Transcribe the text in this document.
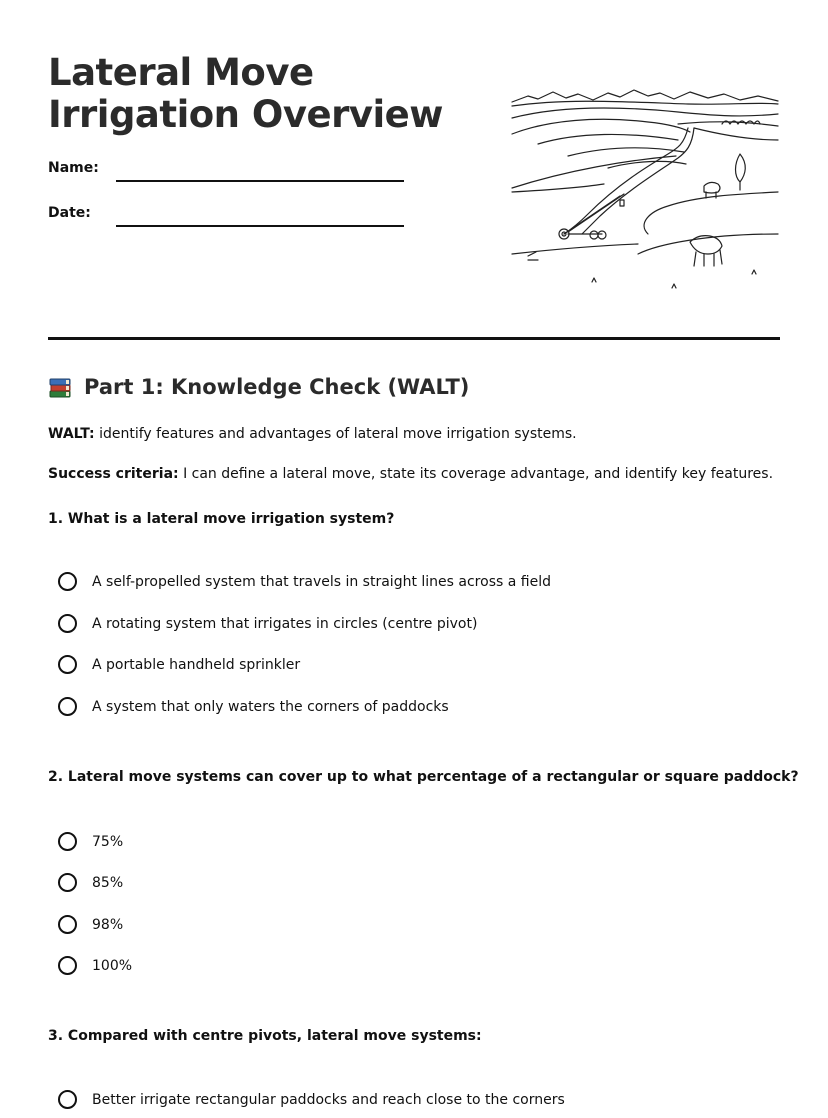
Lateral Move Irrigation Overview
Name:
Date:
Part 1: Knowledge Check (WALT)

WALT: identify features and advantages of lateral move irrigation systems.

Success criteria: I can define a lateral move, state its coverage advantage, and identify key features.

1. What is a lateral move irrigation system?

A self-propelled system that travels in straight lines across a field
A rotating system that irrigates in circles (centre pivot)
A portable handheld sprinkler
A system that only waters the corners of paddocks

2. Lateral move systems can cover up to what percentage of a rectangular or square paddock?

75%
85%
98%
100%

3. Compared with centre pivots, lateral move systems:

Better irrigate rectangular paddocks and reach close to the corners
